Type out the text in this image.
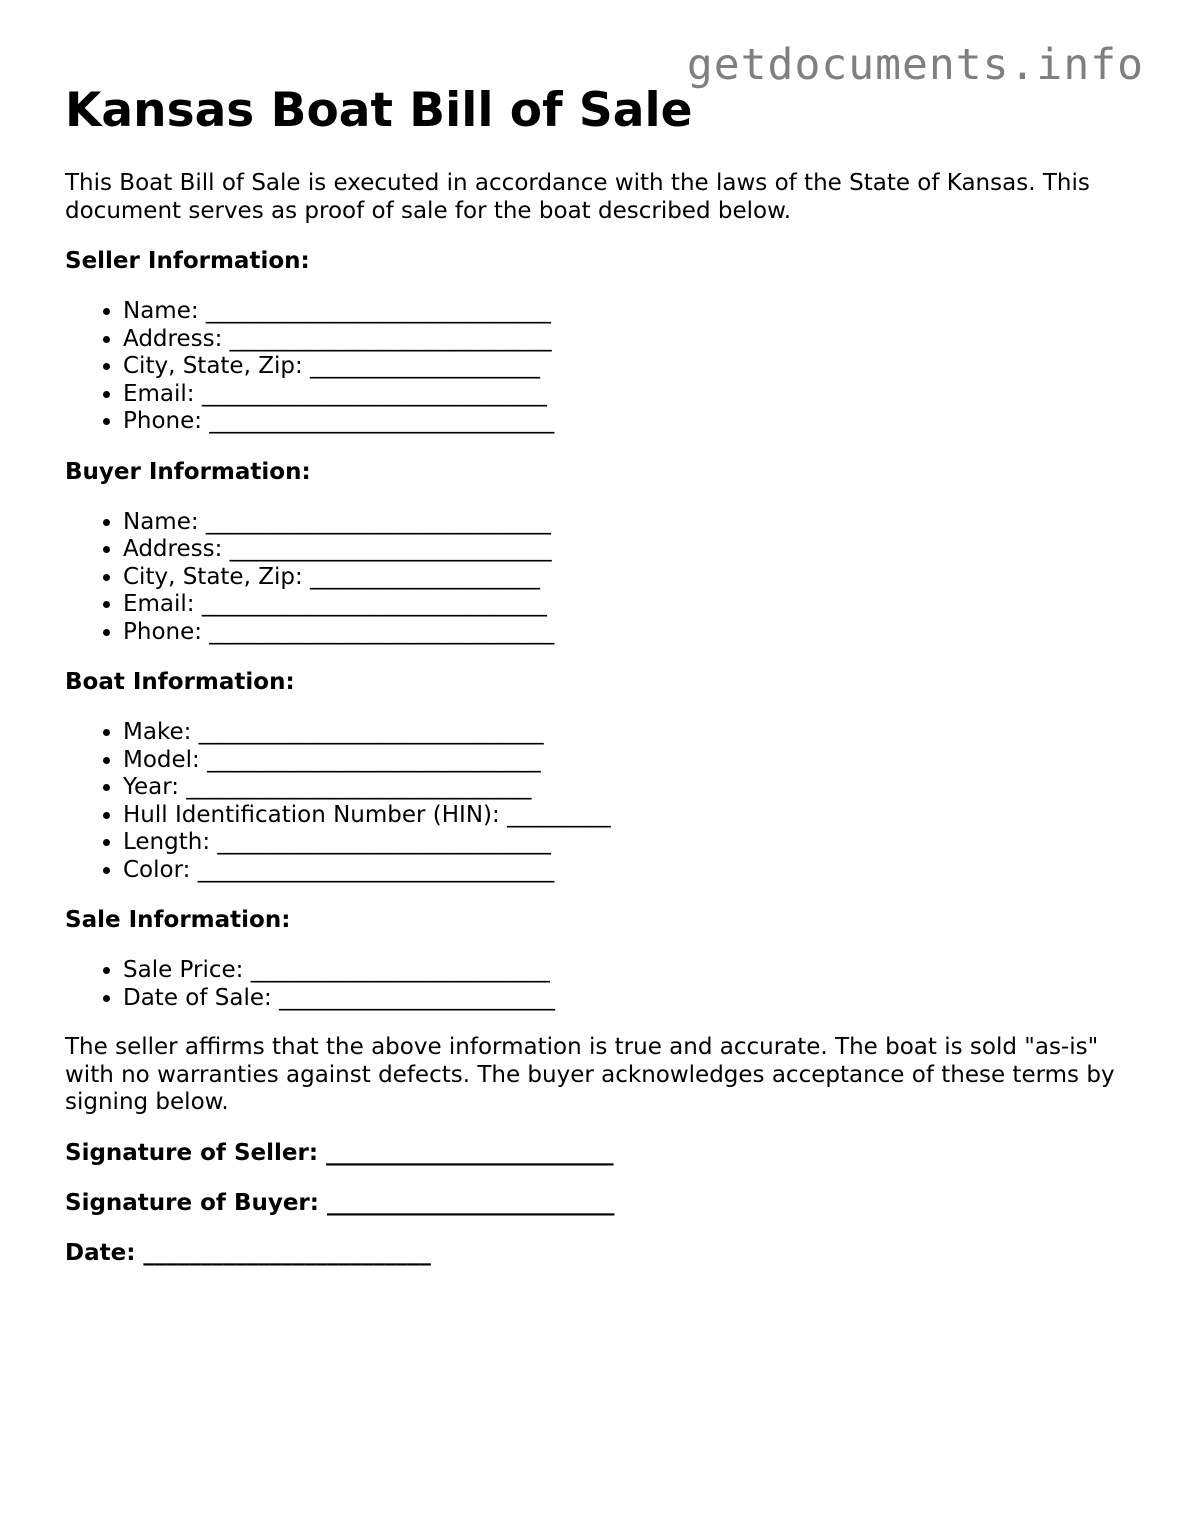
getdocuments.info
Kansas Boat Bill of Sale

This Boat Bill of Sale is executed in accordance with the laws of the State of Kansas. This document serves as proof of sale for the boat described below.

Seller Information:
• Name: ______________________________
• Address: ____________________________
• City, State, Zip: ____________________
• Email: ______________________________
• Phone: ______________________________
Buyer Information:
• Name: ______________________________
• Address: ____________________________
• City, State, Zip: ____________________
• Email: ______________________________
• Phone: ______________________________
Boat Information:
• Make: ______________________________
• Model: _____________________________
• Year: ______________________________
• Hull Identification Number (HIN): _________
• Length: _____________________________
• Color: _______________________________
Sale Information:
• Sale Price: __________________________
• Date of Sale: ________________________

The seller affirms that the above information is true and accurate. The boat is sold "as-is" with no warranties against defects. The buyer acknowledges acceptance of these terms by signing below.

Signature of Seller: _________________________

Signature of Buyer: _________________________

Date: _________________________
